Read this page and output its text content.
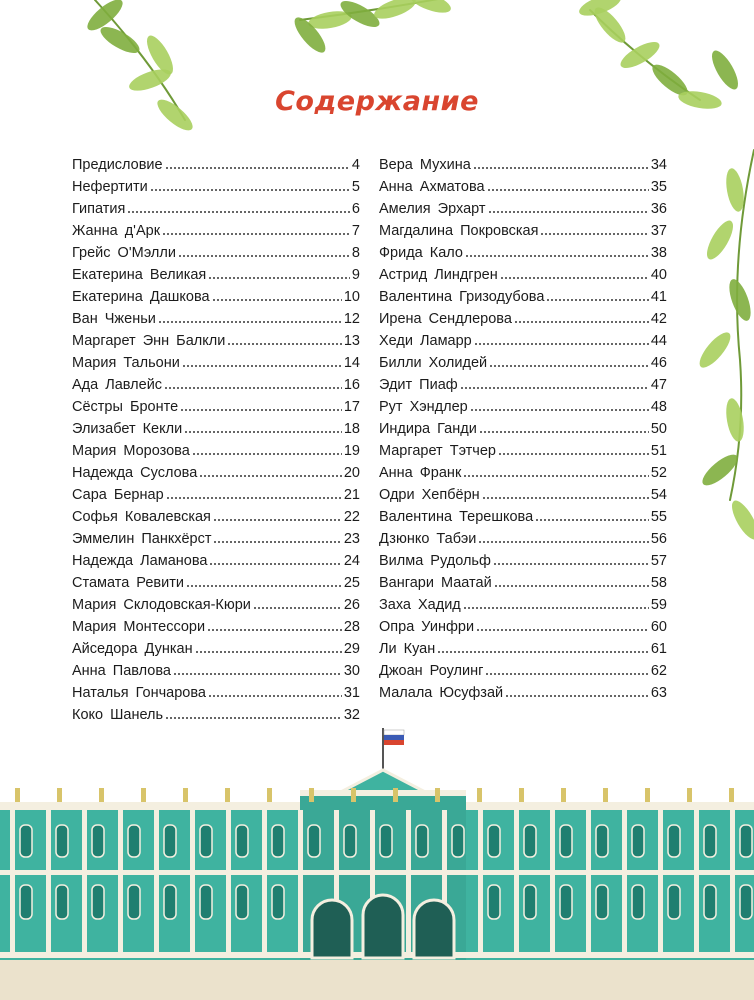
Содержание
Предисловие	4
Нефертити	5
Гипатия	6
Жанна д'Арк	7
Грейс О'Мэлли	8
Екатерина Великая	9
Екатерина Дашкова	10
Ван Чженьи	12
Маргарет Энн Балкли	13
Мария Тальони	14
Ада Лавлейс	16
Сёстры Бронте	17
Элизабет Кекли	18
Мария Морозова	19
Надежда Суслова	20
Сара Бернар	21
Софья Ковалевская	22
Эммелин Панкхёрст	23
Надежда Ламанова	24
Стамата Ревити	25
Мария Склодовская-Кюри	26
Мария Монтессори	28
Айседора Дункан	29
Анна Павлова	30
Наталья Гончарова	31
Коко Шанель	32
Вера Мухина	34
Анна Ахматова	35
Амелия Эрхарт	36
Магдалина Покровская	37
Фрида Кало	38
Астрид Линдгрен	40
Валентина Гризодубова	41
Ирена Сендлерова	42
Хеди Ламарр	44
Билли Холидей	46
Эдит Пиаф	47
Рут Хэндлер	48
Индира Ганди	50
Маргарет Тэтчер	51
Анна Франк	52
Одри Хепбёрн	54
Валентина Терешкова	55
Дзюнко Табэи	56
Вилма Рудольф	57
Вангари Маатай	58
Заха Хадид	59
Опра Уинфри	60
Ли Куан	61
Джоан Роулинг	62
Малала Юсуфзай	63
